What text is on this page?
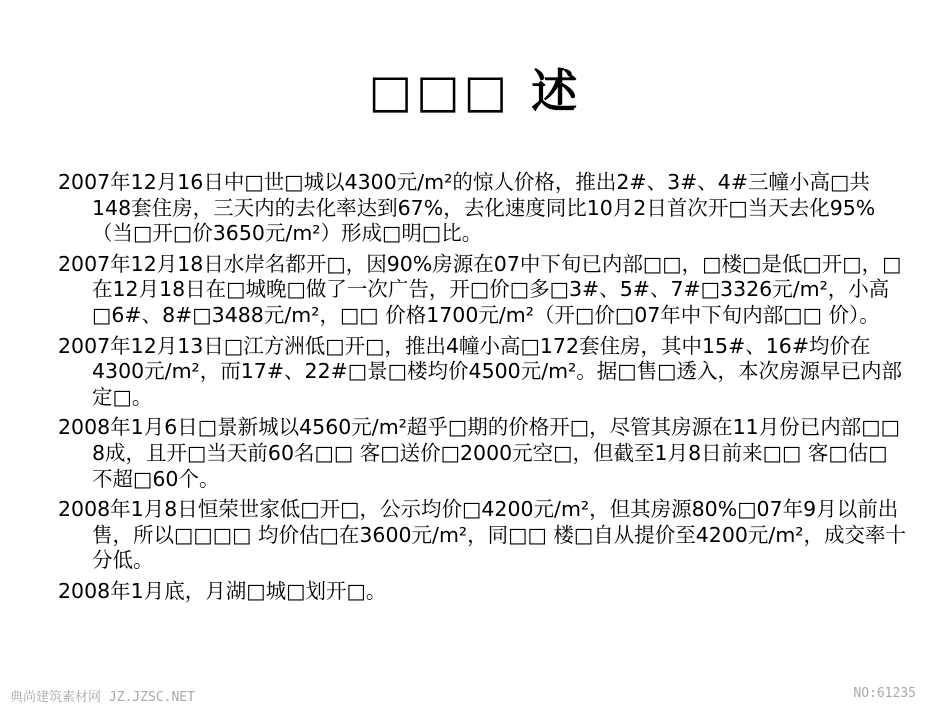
□□□ 述

2007年12月16日中□世□城以4300元/m²的惊人价格，推出2#、3#、4#三幢小高□共148套住房，三天内的去化率达到67%，去化速度同比10月2日首次开□当天去化95%（当□开□价3650元/m²）形成□明□比。

2007年12月18日水岸名都开□，因90%房源在07中下旬已内部□□，□楼□是低□开□，□在12月18日在□城晚□做了一次广告，开□价□多□3#、5#、7#□3326元/m²，小高□6#、8#□3488元/m²，□□ 价格1700元/m²（开□价□07年中下旬内部□□ 价）。

2007年12月13日□江方洲低□开□，推出4幢小高□172套住房，其中15#、16#均价在4300元/m²，而17#、22#□景□楼均价4500元/m²。据□售□透入，本次房源早已内部定□。

2008年1月6日□景新城以4560元/m²超乎□期的价格开□，尽管其房源在11月份已内部□□ 8成，且开□当天前60名□□ 客□送价□2000元空□，但截至1月8日前来□□ 客□估□不超□60个。

2008年1月8日恒荣世家低□开□，公示均价□4200元/m²，但其房源80%□07年9月以前出售，所以□□□□ 均价估□在3600元/m²，同□□ 楼□自从提价至4200元/m²，成交率十分低。

2008年1月底，月湖□城□划开□。

典尚建筑素材网 JZ.JZSC.NET	NO:61235
